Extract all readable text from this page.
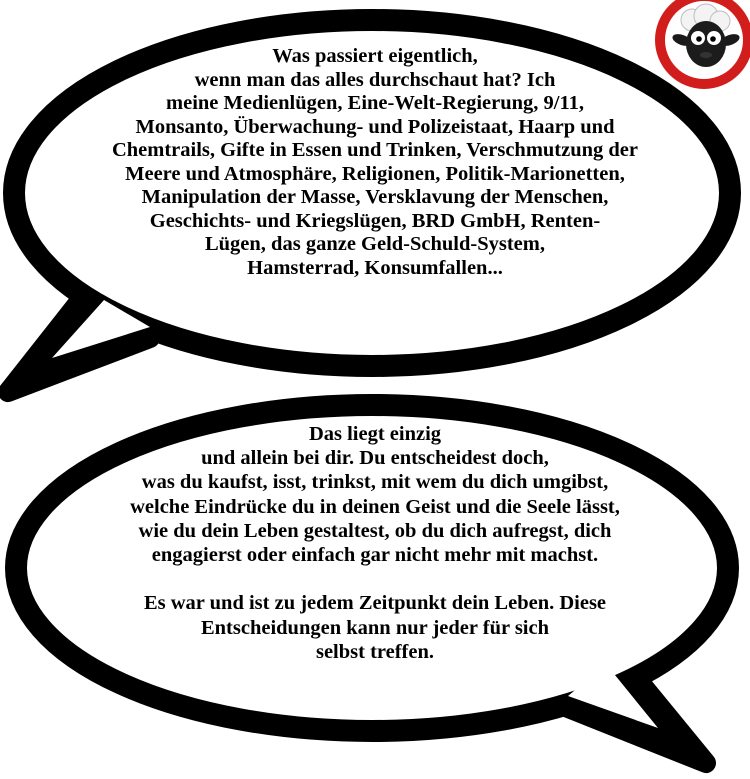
Was passiert eigentlich,
wenn man das alles durchschaut hat? Ich
meine Medienlügen, Eine-Welt-Regierung, 9/11,
Monsanto, Überwachung- und Polizeistaat, Haarp und
Chemtrails, Gifte in Essen und Trinken, Verschmutzung der
Meere und Atmosphäre, Religionen, Politik-Marionetten,
Manipulation der Masse, Versklavung der Menschen,
Geschichts- und Kriegslügen, BRD GmbH, Renten-
Lügen, das ganze Geld-Schuld-System,
Hamsterrad, Konsumfallen...

Das liegt einzig
und allein bei dir. Du entscheidest doch,
was du kaufst, isst, trinkst, mit wem du dich umgibst,
welche Eindrücke du in deinen Geist und die Seele lässt,
wie du dein Leben gestaltest, ob du dich aufregst, dich
engagierst oder einfach gar nicht mehr mit machst.

Es war und ist zu jedem Zeitpunkt dein Leben. Diese
Entscheidungen kann nur jeder für sich
selbst treffen.
